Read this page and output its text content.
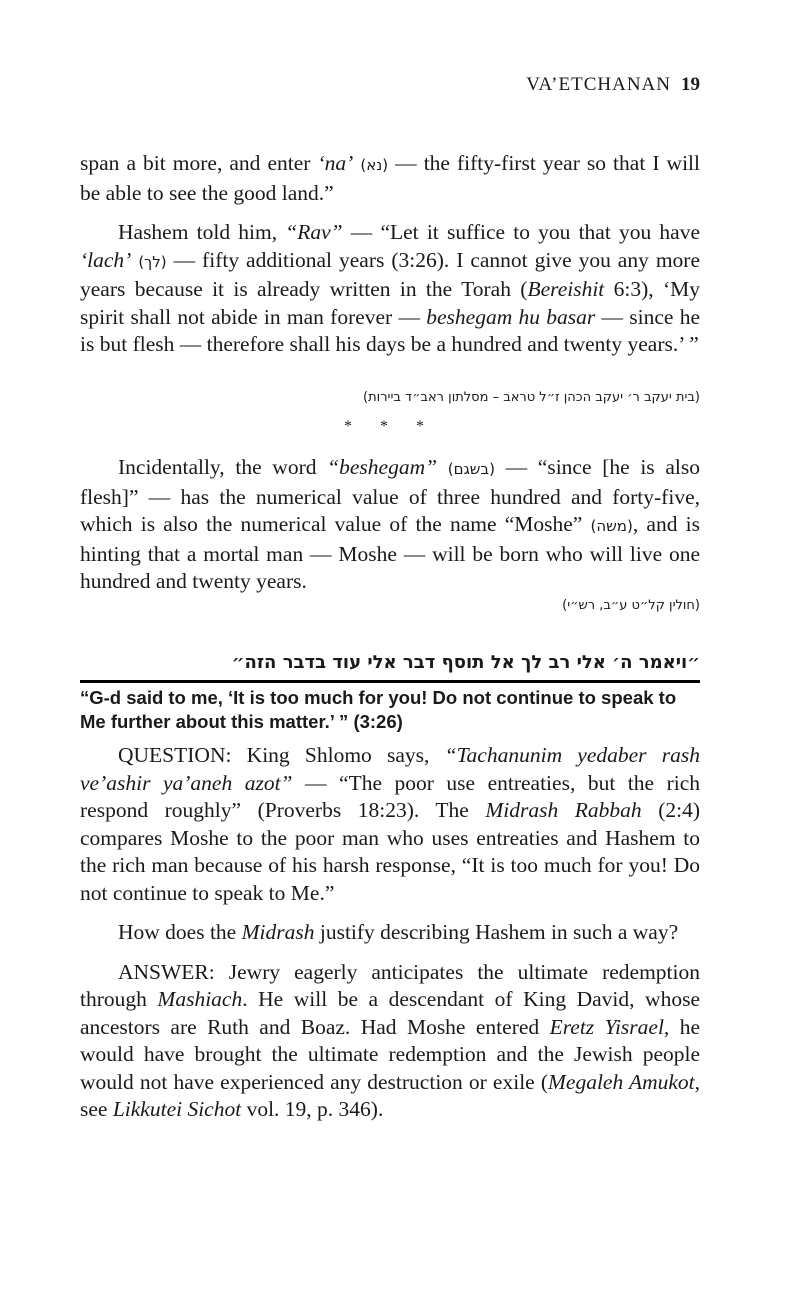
VA’ETCHANAN 19

span a bit more, and enter ‘na’ (נא) — the fifty-first year so that I will be able to see the good land.”

Hashem told him, “Rav” — “Let it suffice to you that you have ‘lach’ (לך) — fifty additional years (3:26). I cannot give you any more years because it is already written in the Torah (Bereishit 6:3), ‘My spirit shall not abide in man forever — beshegam hu basar — since he is but flesh — therefore shall his days be a hundred and twenty years.’ ”

(בית יעקב ר׳ יעקב הכהן ז״ל טראב – מסלתון ראב״ד ביירות)
* * *

Incidentally, the word “beshegam” (בשגם) — “since [he is also flesh]” — has the numerical value of three hundred and forty-five, which is also the numerical value of the name “Moshe” (משה), and is hinting that a mortal man — Moshe — will be born who will live one hundred and twenty years.

(חולין קל״ט ע״ב, רש״י)
״ויאמר ה׳ אלי רב לך אל תוסף דבר אלי עוד בדבר הזה״
“G-d said to me, ‘It is too much for you! Do not continue to speak to Me further about this matter.’ ” (3:26)

QUESTION: King Shlomo says, “Tachanunim yedaber rash ve’ashir ya’aneh azot” — “The poor use entreaties, but the rich respond roughly” (Proverbs 18:23). The Midrash Rabbah (2:4) compares Moshe to the poor man who uses entreaties and Hashem to the rich man because of his harsh response, “It is too much for you! Do not continue to speak to Me.”

How does the Midrash justify describing Hashem in such a way?

ANSWER: Jewry eagerly anticipates the ultimate redemption through Mashiach. He will be a descendant of King David, whose ancestors are Ruth and Boaz. Had Moshe entered Eretz Yisrael, he would have brought the ultimate redemption and the Jewish people would not have experienced any destruction or exile (Megaleh Amukot, see Likkutei Sichot vol. 19, p. 346).
